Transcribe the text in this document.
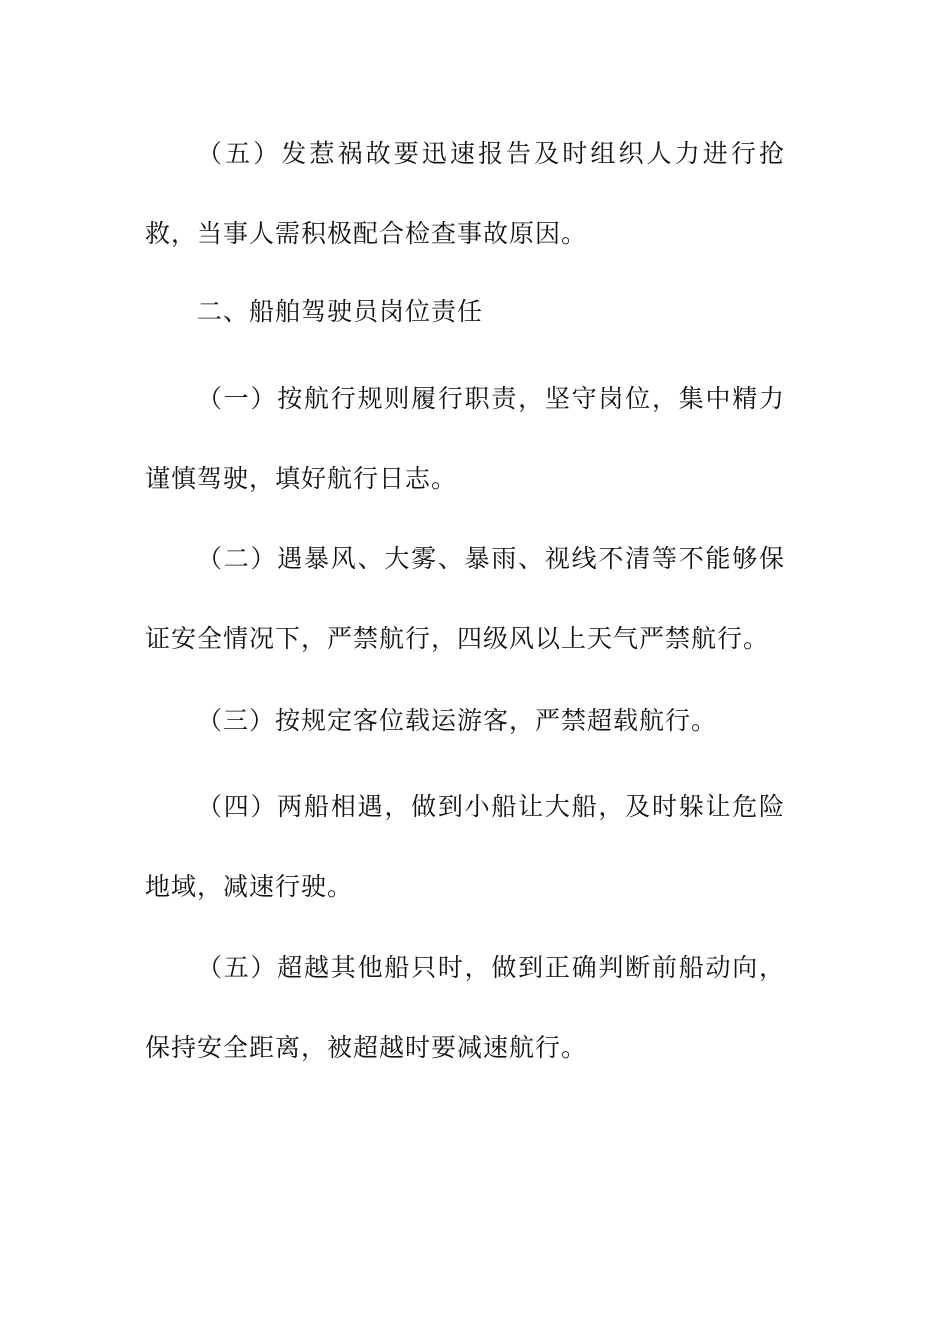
（五）发惹祸故要迅速报告及时组织人力进行抢救，当事人需积极配合检查事故原因。

二、船舶驾驶员岗位责任

（一）按航行规则履行职责，坚守岗位，集中精力谨慎驾驶，填好航行日志。

（二）遇暴风、大雾、暴雨、视线不清等不能够保证安全情况下，严禁航行，四级风以上天气严禁航行。

（三）按规定客位载运游客，严禁超载航行。

（四）两船相遇，做到小船让大船，及时躲让危险地域，减速行驶。

（五）超越其他船只时，做到正确判断前船动向，保持安全距离，被超越时要减速航行。
